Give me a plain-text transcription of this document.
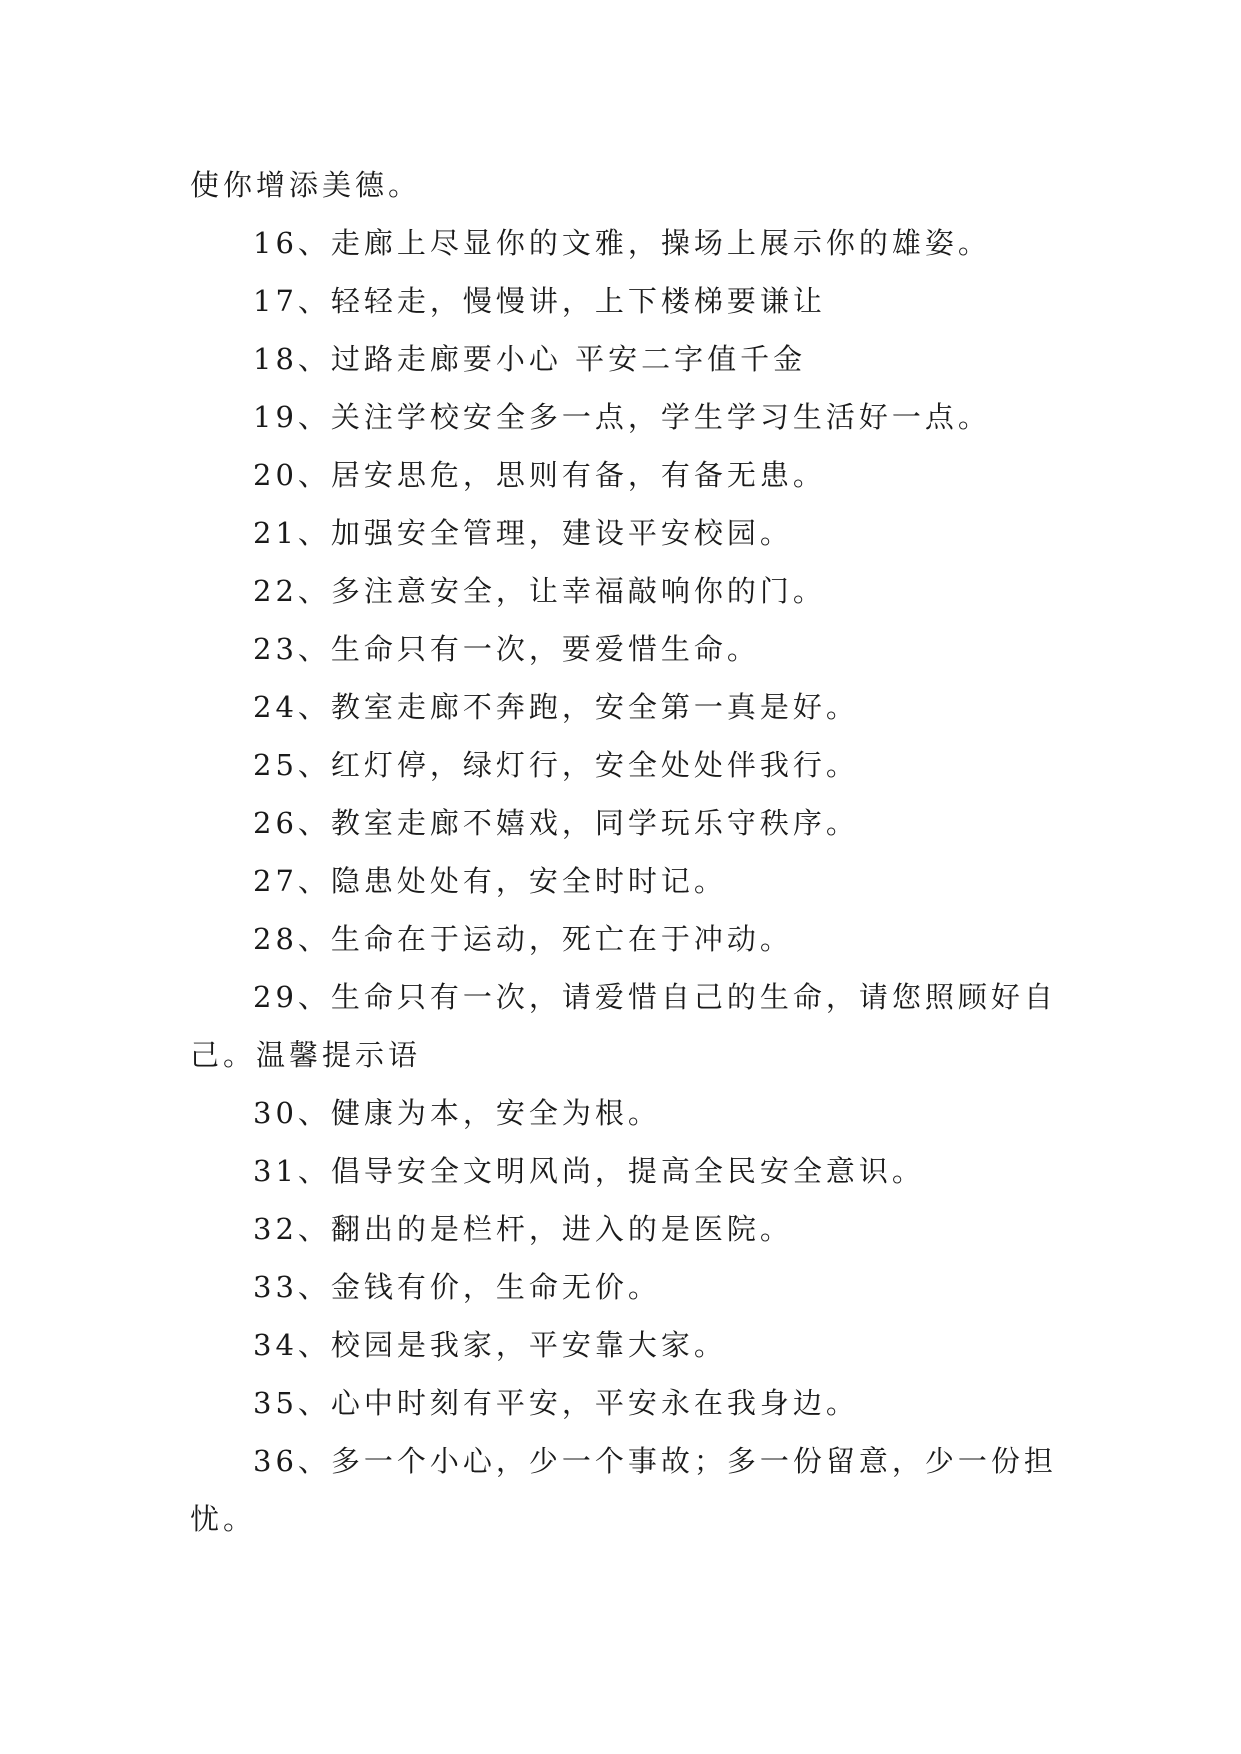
使你增添美德。
16、走廊上尽显你的文雅，操场上展示你的雄姿。
17、轻轻走，慢慢讲，上下楼梯要谦让
18、过路走廊要小心 平安二字值千金
19、关注学校安全多一点，学生学习生活好一点。
20、居安思危，思则有备，有备无患。
21、加强安全管理，建设平安校园。
22、多注意安全，让幸福敲响你的门。
23、生命只有一次，要爱惜生命。
24、教室走廊不奔跑，安全第一真是好。
25、红灯停，绿灯行，安全处处伴我行。
26、教室走廊不嬉戏，同学玩乐守秩序。
27、隐患处处有，安全时时记。
28、生命在于运动，死亡在于冲动。
29、生命只有一次，请爱惜自己的生命，请您照顾好自
己。温馨提示语
30、健康为本，安全为根。
31、倡导安全文明风尚，提高全民安全意识。
32、翻出的是栏杆，进入的是医院。
33、金钱有价，生命无价。
34、校园是我家，平安靠大家。
35、心中时刻有平安，平安永在我身边。
36、多一个小心，少一个事故；多一份留意，少一份担
忧。
